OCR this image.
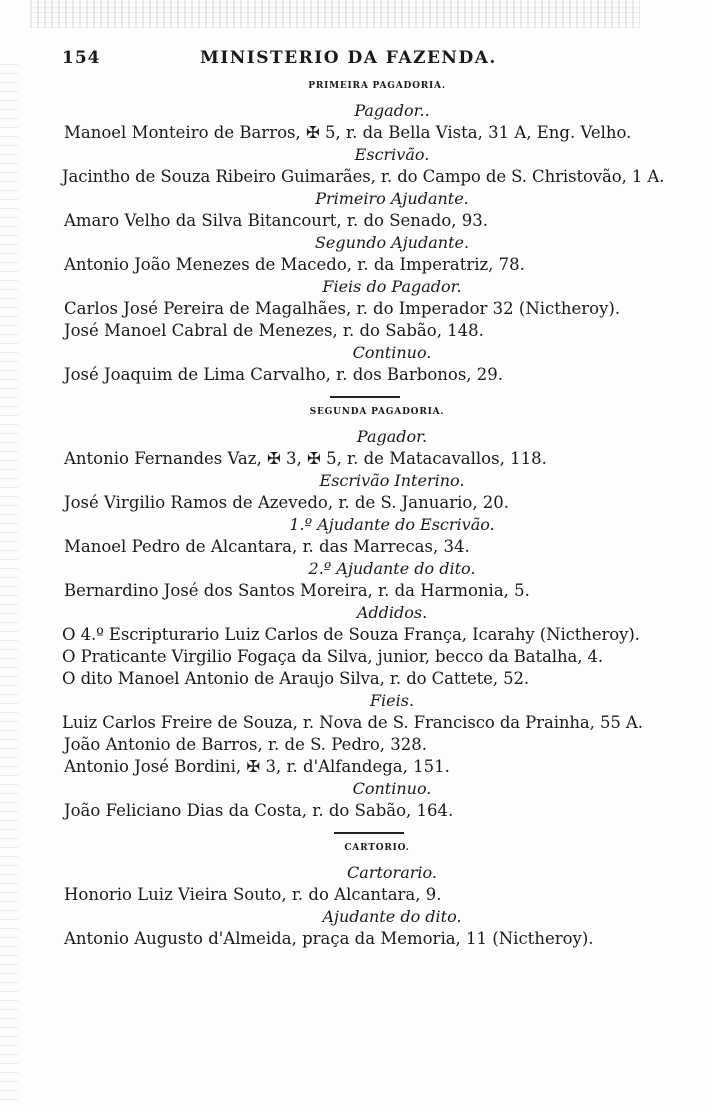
154	MINISTERIO DA FAZENDA.
PRIMEIRA PAGADORIA.
Pagador..
Manoel Monteiro de Barros, ✠ 5, r. da Bella Vista, 31 A, Eng. Velho.
Escrivão.
Jacintho de Souza Ribeiro Guimarães, r. do Campo de S. Christovão, 1 A.
Primeiro Ajudante.
Amaro Velho da Silva Bitancourt, r. do Senado, 93.
Segundo Ajudante.
Antonio João Menezes de Macedo, r. da Imperatriz, 78.
Fieis do Pagador.
Carlos José Pereira de Magalhães, r. do Imperador 32 (Nictheroy).
José Manoel Cabral de Menezes, r. do Sabão, 148.
Continuo.
José Joaquim de Lima Carvalho, r. dos Barbonos, 29.
SEGUNDA PAGADORIA.
Pagador.
Antonio Fernandes Vaz, ✠ 3, ✠ 5, r. de Matacavallos, 118.
Escrivão Interino.
José Virgilio Ramos de Azevedo, r. de S. Januario, 20.
1.º Ajudante do Escrivão.
Manoel Pedro de Alcantara, r. das Marrecas, 34.
2.º Ajudante do dito.
Bernardino José dos Santos Moreira, r. da Harmonia, 5.
Addidos.
O 4.º Escripturario Luiz Carlos de Souza França, Icarahy (Nictheroy).
O Praticante Virgilio Fogaça da Silva, junior, becco da Batalha, 4.
O dito Manoel Antonio de Araujo Silva, r. do Cattete, 52.
Fieis.
Luiz Carlos Freire de Souza, r. Nova de S. Francisco da Prainha, 55 A.
João Antonio de Barros, r. de S. Pedro, 328.
Antonio José Bordini, ✠ 3, r. d'Alfandega, 151.
Continuo.
João Feliciano Dias da Costa, r. do Sabão, 164.
CARTORIO.
Cartorario.
Honorio Luiz Vieira Souto, r. do Alcantara, 9.
Ajudante do dito.
Antonio Augusto d'Almeida, praça da Memoria, 11 (Nictheroy).
